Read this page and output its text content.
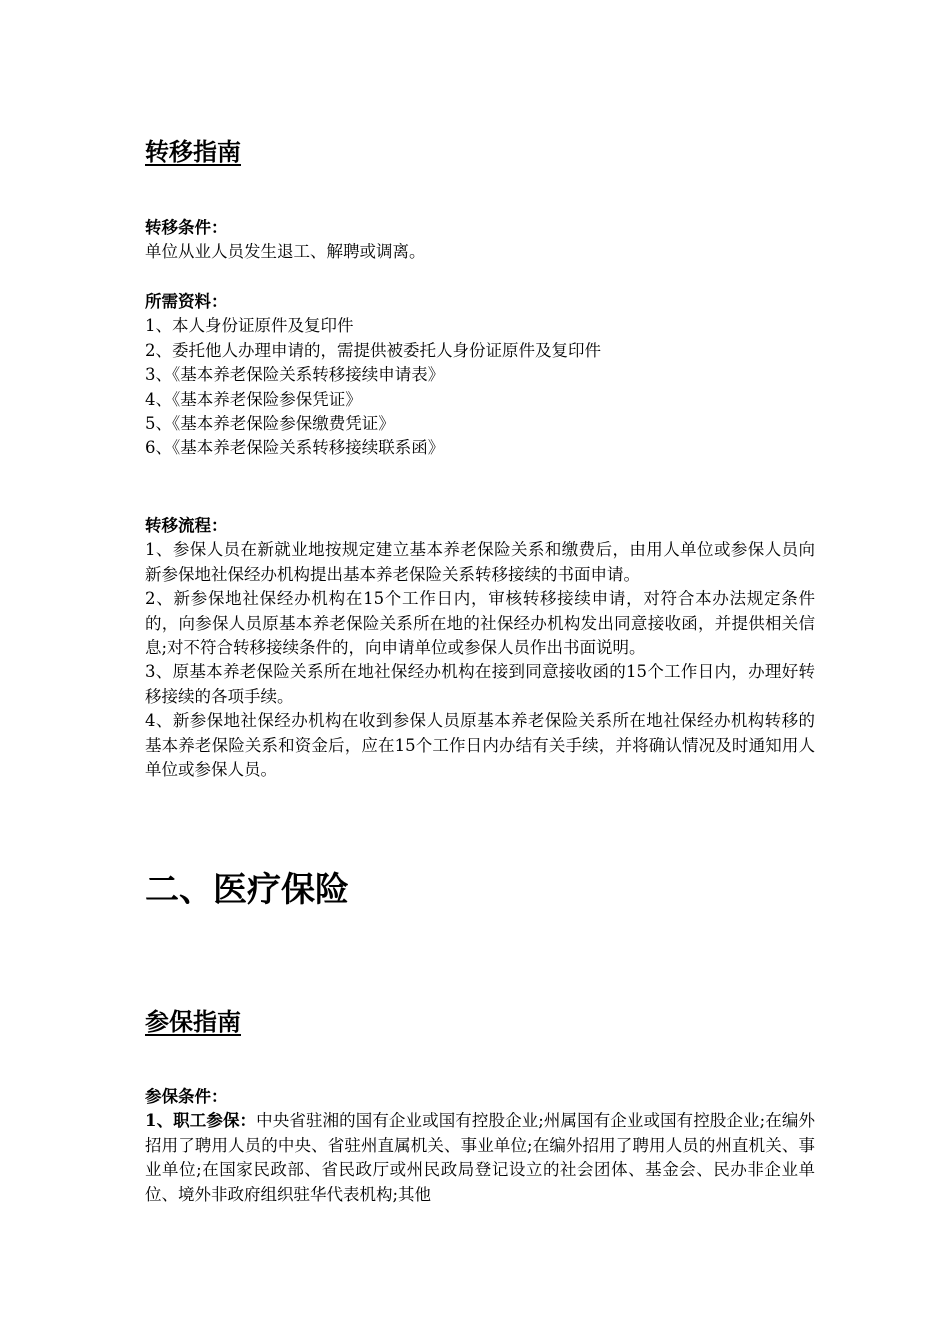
转移指南
转移条件：
单位从业人员发生退工、解聘或调离。
所需资料：
1、本人身份证原件及复印件
2、委托他人办理申请的，需提供被委托人身份证原件及复印件
3、《基本养老保险关系转移接续申请表》
4、《基本养老保险参保凭证》
5、《基本养老保险参保缴费凭证》
6、《基本养老保险关系转移接续联系函》
转移流程：
1、参保人员在新就业地按规定建立基本养老保险关系和缴费后，由用人单位或参保人员向新参保地社保经办机构提出基本养老保险关系转移接续的书面申请。
2、新参保地社保经办机构在15个工作日内，审核转移接续申请，对符合本办法规定条件的，向参保人员原基本养老保险关系所在地的社保经办机构发出同意接收函，并提供相关信息;对不符合转移接续条件的，向申请单位或参保人员作出书面说明。
3、原基本养老保险关系所在地社保经办机构在接到同意接收函的15个工作日内，办理好转移接续的各项手续。
4、新参保地社保经办机构在收到参保人员原基本养老保险关系所在地社保经办机构转移的基本养老保险关系和资金后，应在15个工作日内办结有关手续，并将确认情况及时通知用人单位或参保人员。
二、医疗保险
参保指南
参保条件：
1、职工参保：中央省驻湘的国有企业或国有控股企业;州属国有企业或国有控股企业;在编外招用了聘用人员的中央、省驻州直属机关、事业单位;在编外招用了聘用人员的州直机关、事业单位;在国家民政部、省民政厅或州民政局登记设立的社会团体、基金会、民办非企业单位、境外非政府组织驻华代表机构;其他
